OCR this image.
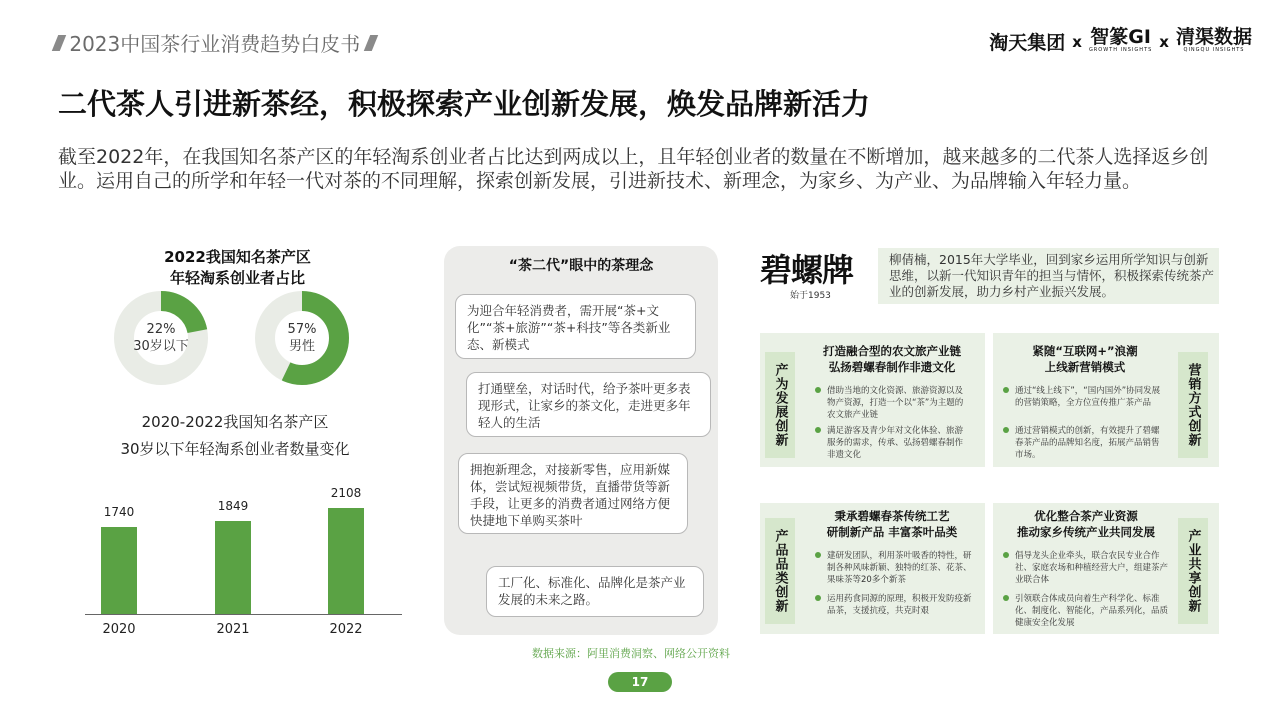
2023中国茶行业消费趋势白皮书	淘天集团 x 智篆GI
GROWTH INSIGHTS x 清渠数据
QINGQU INSIGHTS
二代茶人引进新茶经，积极探索产业创新发展，焕发品牌新活力
截至2022年，在我国知名茶产区的年轻淘系创业者占比达到两成以上，且年轻创业者的数量在不断增加，越来越多的二代茶人选择返乡创业。运用自己的所学和年轻一代对茶的不同理解，探索创新发展，引进新技术、新理念，为家乡、为产业、为品牌输入年轻力量。
2022我国知名茶产区
年轻淘系创业者占比
22%
30岁以下
57%
男性
2020-2022我国知名茶产区
30岁以下年轻淘系创业者数量变化
1740
2020
1849
2021
2108
2022
“茶二代”眼中的茶理念
为迎合年轻消费者，需开展“茶+文化”“茶+旅游”“茶+科技”等各类新业态、新模式
打通壁垒，对话时代，给予茶叶更多表现形式，让家乡的茶文化，走进更多年轻人的生活
拥抱新理念，对接新零售，应用新媒体，尝试短视频带货，直播带货等新手段，让更多的消费者通过网络方便快捷地下单购买茶叶
工厂化、标准化、品牌化是茶产业发展的未来之路。
碧螺牌
始于1953
柳倩楠，2015年大学毕业，回到家乡运用所学知识与创新思维，以新一代知识青年的担当与情怀，积极探索传统茶产业的创新发展，助力乡村产业振兴发展。
产为发展创新
打造融合型的农文旅产业链
弘扬碧螺春制作非遗文化
借助当地的文化资源、旅游资源以及物产资源，打造一个以“茶”为主题的农文旅产业链
满足游客及青少年对文化体验、旅游服务的需求，传承、弘扬碧螺春制作非遗文化
营销方式创新
紧随“互联网+”浪潮
上线新营销模式
通过“线上线下”，“国内国外”协同发展的营销策略，全方位宣传推广茶产品
通过营销模式的创新，有效提升了碧螺春茶产品的品牌知名度，拓展产品销售市场。
产品品类创新
秉承碧螺春茶传统工艺
研制新产品 丰富茶叶品类
建研发团队，利用茶叶吸香的特性，研制各种风味新颖、独特的红茶、花茶、果味茶等20多个新茶
运用药食同源的原理，积极开发防疫新品茶，支援抗疫，共克时艰	产业共享创新
优化整合茶产业资源
推动家乡传统产业共同发展
倡导龙头企业牵头，联合农民专业合作社、家庭农场和种植经营大户，组建茶产业联合体
引领联合体成员向着生产科学化、标准化、制度化、智能化，产品系列化，品质健康安全化发展
数据来源：阿里消费洞察、网络公开资料
17
